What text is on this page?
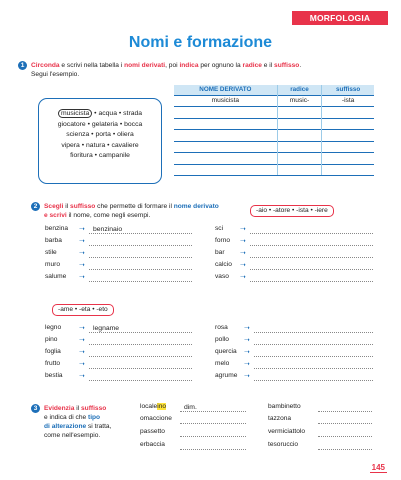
MORFOLOGIA
Nomi e formazione
1	Circonda e scrivi nella tabella i nomi derivati, poi indica per ognuno la radice e il suffisso.
Segui l'esempio.
musicista • acqua • strada
giocatore • gelateria • bocca
scienza • porta • oliera
vipera • natura • cavaliere
fioritura • campanile
NOME DERIVATO	radice	suffisso
musicista	music-	-ista

2	Scegli il suffisso che permette di formare il nome derivato
e scrivi il nome, come negli esempi.
-aio • -atore • -ista • -iere
benzina	➝	benzinaio
barba	➝
stile	➝
muro	➝
salume	➝
sci	➝
forno	➝
bar	➝
calcio	➝
vaso	➝
-ame • -eta • -eto
legno	➝	legname
pino	➝
foglia	➝
frutto	➝
bestia	➝
rosa	➝
pollo	➝
quercia	➝
melo	➝
agrume ➝
3	Evidenzia il suffisso
e indica di che tipo
di alterazione si tratta,
come nell'esempio.
localeino	dim.
omaccione
passetto
erbaccia
bambinetto
tazzona
vermiciattolo
tesoruccio
145
